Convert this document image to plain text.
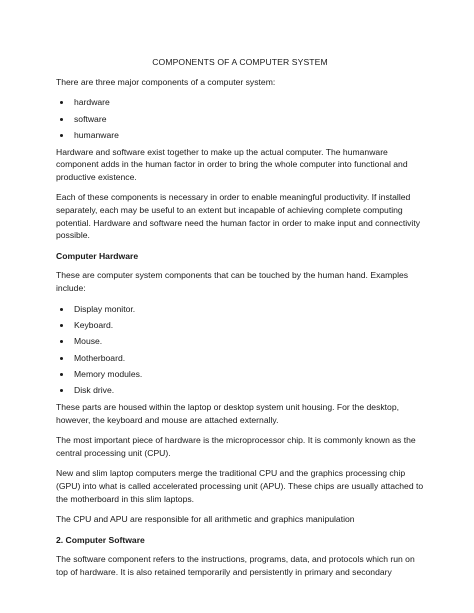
COMPONENTS OF A COMPUTER SYSTEM

There are three major components of a computer system:

hardware
software
humanware

Hardware and software exist together to make up the actual computer. The humanware component adds in the human factor in order to bring the whole computer into functional and productive existence.

Each of these components is necessary in order to enable meaningful productivity. If installed separately, each may be useful to an extent but incapable of achieving complete computing potential. Hardware and software need the human factor in order to make input and connectivity possible.

Computer Hardware

These are computer system components that can be touched by the human hand. Examples include:

Display monitor.
Keyboard.
Mouse.
Motherboard.
Memory modules.
Disk drive.

These parts are housed within the laptop or desktop system unit housing. For the desktop, however, the keyboard and mouse are attached externally.

The most important piece of hardware is the microprocessor chip. It is commonly known as the central processing unit (CPU).

New and slim laptop computers merge the traditional CPU and the graphics processing chip (GPU) into what is called accelerated processing unit (APU). These chips are usually attached to the motherboard in this slim laptops.

The CPU and APU are responsible for all arithmetic and graphics manipulation

2. Computer Software

The software component refers to the instructions, programs, data, and protocols which run on top of hardware. It is also retained temporarily and persistently in primary and secondary
